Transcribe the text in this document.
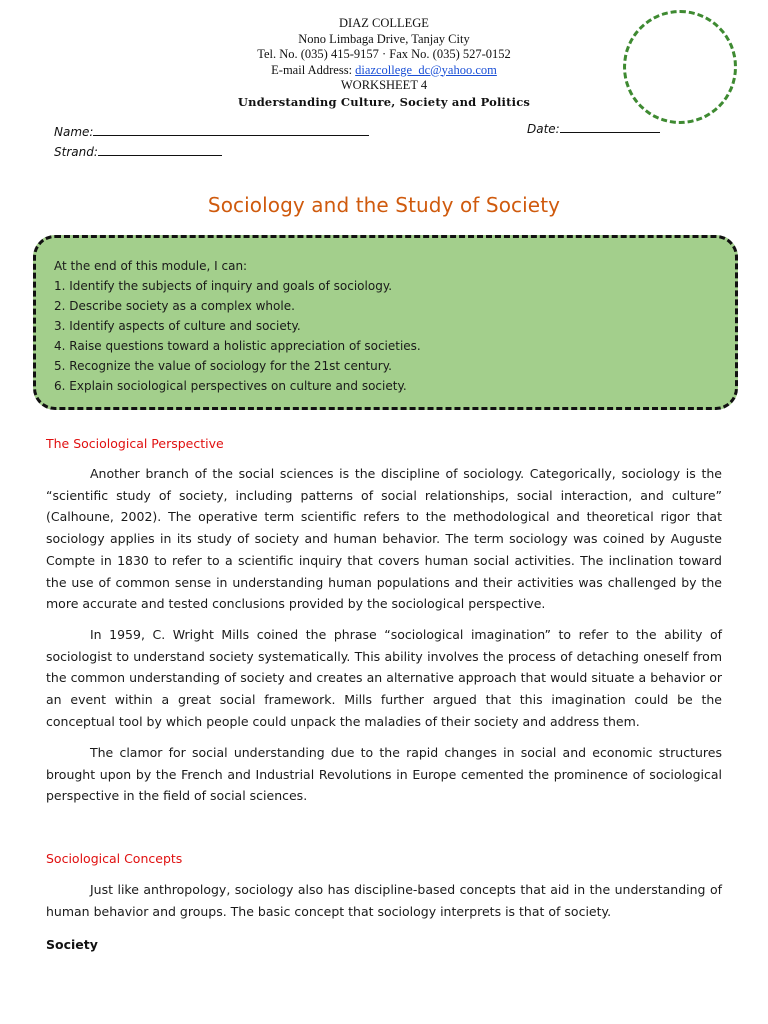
DIAZ COLLEGE
Nono Limbaga Drive, Tanjay City
Tel. No. (035) 415-9157 · Fax No. (035) 527-0152
E-mail Address: diazcollege_dc@yahoo.com
WORKSHEET 4
Understanding Culture, Society and Politics
Name:	Date:
Strand:
Sociology and the Study of Society
At the end of this module, I can:
1. Identify the subjects of inquiry and goals of sociology.
2. Describe society as a complex whole.
3. Identify aspects of culture and society.
4. Raise questions toward a holistic appreciation of societies.
5. Recognize the value of sociology for the 21st century.
6. Explain sociological perspectives on culture and society.
The Sociological Perspective

Another branch of the social sciences is the discipline of sociology. Categorically, sociology is the “scientific study of society, including patterns of social relationships, social interaction, and culture” (Calhoune, 2002). The operative term scientific refers to the methodological and theoretical rigor that sociology applies in its study of society and human behavior. The term sociology was coined by Auguste Compte in 1830 to refer to a scientific inquiry that covers human social activities. The inclination toward the use of common sense in understanding human populations and their activities was challenged by the more accurate and tested conclusions provided by the sociological perspective.

In 1959, C. Wright Mills coined the phrase “sociological imagination” to refer to the ability of sociologist to understand society systematically. This ability involves the process of detaching oneself from the common understanding of society and creates an alternative approach that would situate a behavior or an event within a great social framework. Mills further argued that this imagination could be the conceptual tool by which people could unpack the maladies of their society and address them.

The clamor for social understanding due to the rapid changes in social and economic structures brought upon by the French and Industrial Revolutions in Europe cemented the prominence of sociological perspective in the field of social sciences.

Sociological Concepts

Just like anthropology, sociology also has discipline-based concepts that aid in the understanding of human behavior and groups. The basic concept that sociology interprets is that of society.

Society
